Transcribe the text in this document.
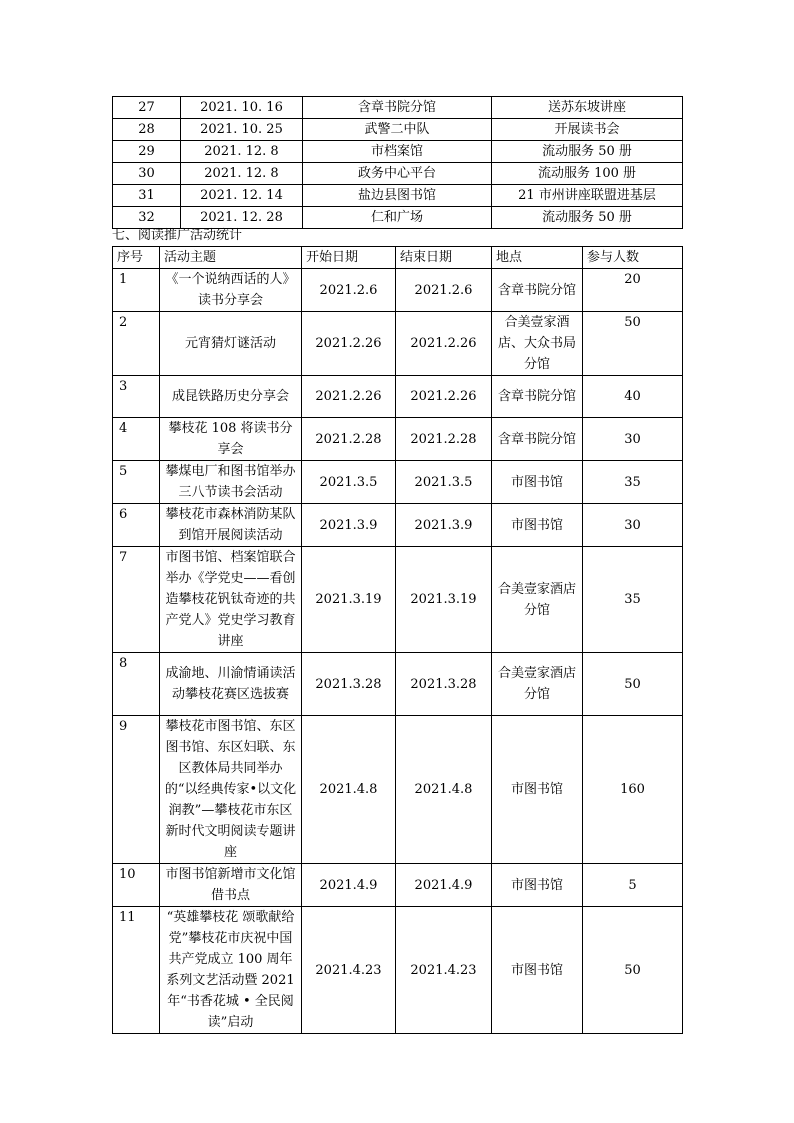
27	2021. 10. 16	含章书院分馆	送苏东坡讲座
28	2021. 10. 25	武警二中队	开展读书会
29	2021. 12. 8	市档案馆	流动服务 50 册
30	2021. 12. 8	政务中心平台	流动服务 100 册
31	2021. 12. 14	盐边县图书馆	21 市州讲座联盟进基层
32	2021. 12. 28	仁和广场	流动服务 50 册
七、阅读推广活动统计
序号	活动主题	开始日期	结束日期	地点	参与人数
1	《一个说纳西话的人》读书分享会	2021.2.6	2021.2.6	含章书院分馆	20
2	元宵猜灯谜活动	2021.2.26	2021.2.26	合美壹家酒店、大众书局分馆	50
3	成昆铁路历史分享会	2021.2.26	2021.2.26	含章书院分馆	40
4	攀枝花 108 将读书分享会	2021.2.28	2021.2.28	含章书院分馆	30
5	攀煤电厂和图书馆举办三八节读书会活动	2021.3.5	2021.3.5	市图书馆	35
6	攀枝花市森林消防某队到馆开展阅读活动	2021.3.9	2021.3.9	市图书馆	30
7	市图书馆、档案馆联合举办《学党史——看创造攀枝花钒钛奇迹的共产党人》党史学习教育讲座	2021.3.19	2021.3.19	合美壹家酒店分馆	35
8	成渝地、川渝情诵读活动攀枝花赛区选拔赛	2021.3.28	2021.3.28	合美壹家酒店分馆	50
9	攀枝花市图书馆、东区图书馆、东区妇联、东区教体局共同举办的“以经典传家•以文化润教”—攀枝花市东区新时代文明阅读专题讲座	2021.4.8	2021.4.8	市图书馆	160
10	市图书馆新增市文化馆借书点	2021.4.9	2021.4.9	市图书馆	5
11	“英雄攀枝花 颂歌献给党”攀枝花市庆祝中国共产党成立 100 周年系列文艺活动暨 2021 年“书香花城 • 全民阅读”启动	2021.4.23	2021.4.23	市图书馆	50
